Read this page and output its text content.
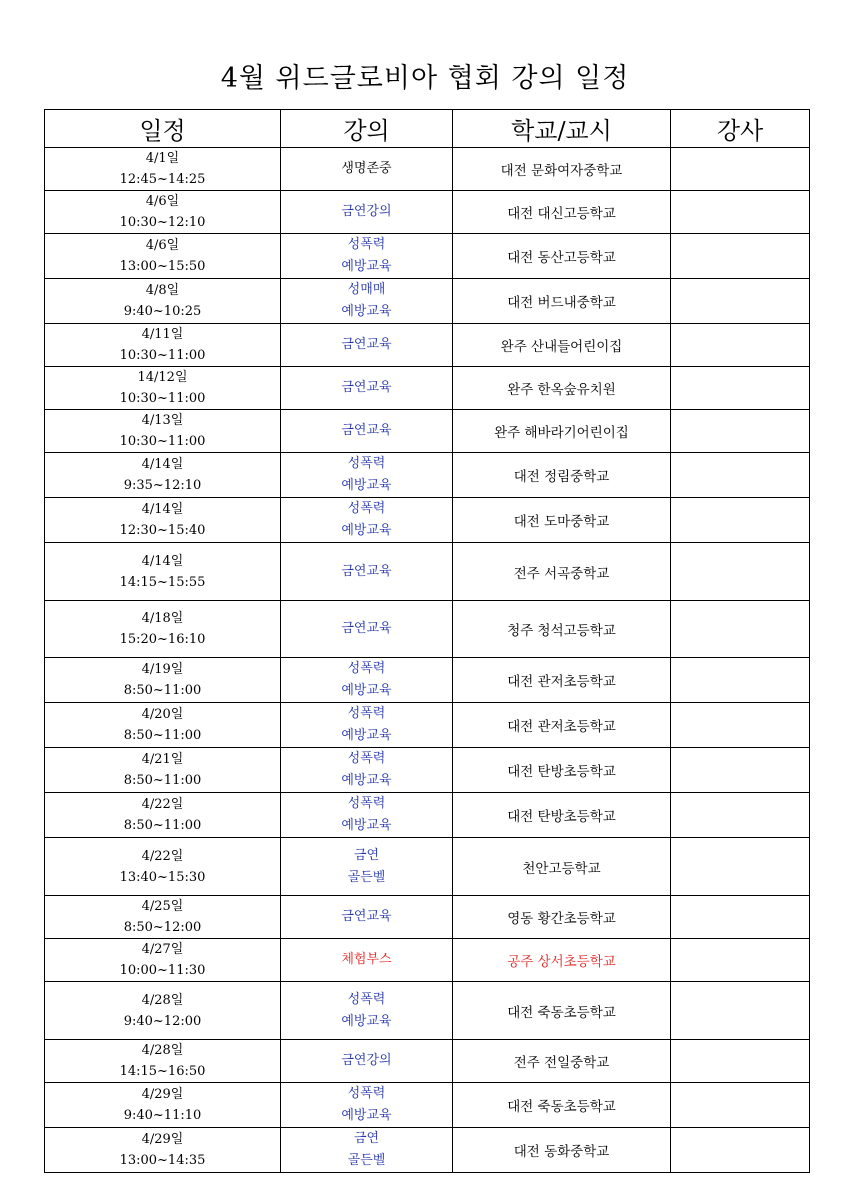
4월 위드글로비아 협회 강의 일정
일정	강의	학교/교시	강사

4/1일
12:45~14:25	생명존중	대전 문화여자중학교	

4/6일
10:30~12:10	금연강의	대전 대신고등학교	

4/6일
13:00~15:50	성폭력
예방교육	대전 동산고등학교	

4/8일
9:40~10:25	성매매
예방교육	대전 버드내중학교	

4/11일
10:30~11:00	금연교육	완주 산내들어린이집	

14/12일
10:30~11:00	금연교육	완주 한옥숲유치원	

4/13일
10:30~11:00	금연교육	완주 해바라기어린이집	

4/14일
9:35~12:10	성폭력
예방교육	대전 정림중학교	

4/14일
12:30~15:40	성폭력
예방교육	대전 도마중학교	

4/14일
14:15~15:55	금연교육	전주 서곡중학교	

4/18일
15:20~16:10	금연교육	청주 청석고등학교	

4/19일
8:50~11:00	성폭력
예방교육	대전 관저초등학교	

4/20일
8:50~11:00	성폭력
예방교육	대전 관저초등학교	

4/21일
8:50~11:00	성폭력
예방교육	대전 탄방초등학교	

4/22일
8:50~11:00	성폭력
예방교육	대전 탄방초등학교	

4/22일
13:40~15:30	금연
골든벨	천안고등학교	

4/25일
8:50~12:00	금연교육	영동 황간초등학교	

4/27일
10:00~11:30	체험부스	공주 상서초등학교	

4/28일
9:40~12:00	성폭력
예방교육	대전 죽동초등학교	

4/28일
14:15~16:50	금연강의	전주 전일중학교	

4/29일
9:40~11:10	성폭력
예방교육	대전 죽동초등학교	

4/29일
13:00~14:35	금연
골든벨	대전 동화중학교	
